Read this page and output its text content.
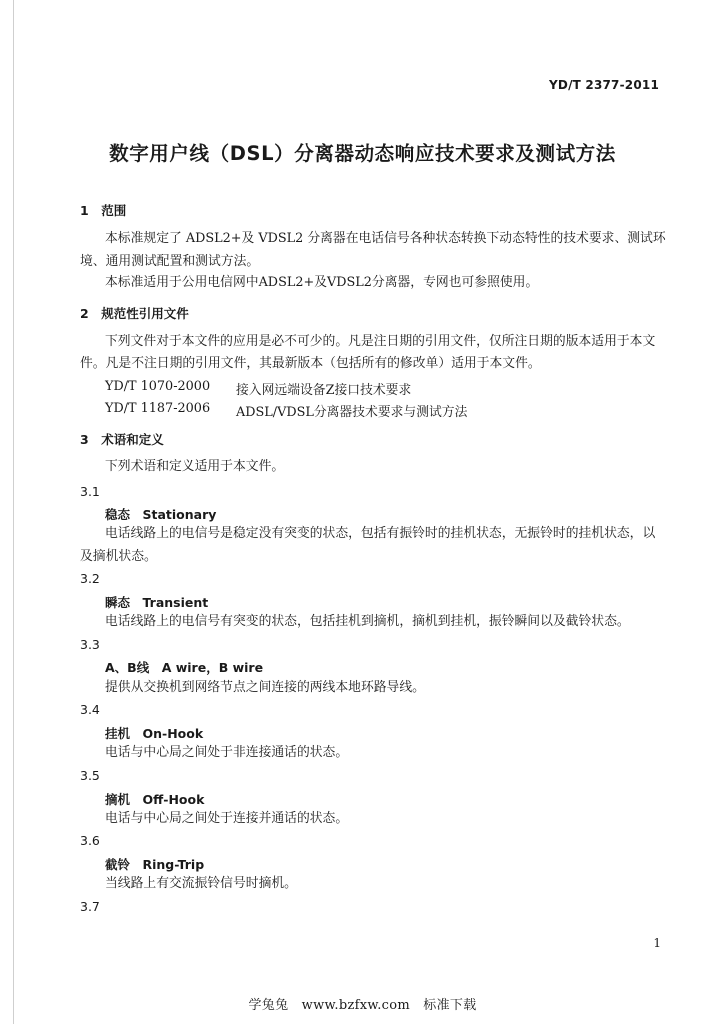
YD/T 2377-2011
数字用户线（DSL）分离器动态响应技术要求及测试方法
1　范围
本标准规定了 ADSL2+及 VDSL2 分离器在电话信号各种状态转换下动态特性的技术要求、测试环
境、通用测试配置和测试方法。
本标准适用于公用电信网中ADSL2+及VDSL2分离器，专网也可参照使用。
2　规范性引用文件
下列文件对于本文件的应用是必不可少的。凡是注日期的引用文件，仅所注日期的版本适用于本文
件。凡是不注日期的引用文件，其最新版本（包括所有的修改单）适用于本文件。
YD/T 1070-2000 接入网远端设备Z接口技术要求
YD/T 1187-2006 ADSL/VDSL分离器技术要求与测试方法
3　术语和定义
下列术语和定义适用于本文件。
3.1
稳态　Stationary
电话线路上的电信号是稳定没有突变的状态，包括有振铃时的挂机状态，无振铃时的挂机状态，以
及摘机状态。
3.2
瞬态　Transient
电话线路上的电信号有突变的状态，包括挂机到摘机，摘机到挂机，振铃瞬间以及截铃状态。
3.3
A、B线　A wire，B wire
提供从交换机到网络节点之间连接的两线本地环路导线。
3.4
挂机　On-Hook
电话与中心局之间处于非连接通话的状态。
3.5
摘机　Off-Hook
电话与中心局之间处于连接并通话的状态。
3.6
截铃　Ring-Trip
当线路上有交流振铃信号时摘机。
3.7
1
学兔兔　www.bzfxw.com　标准下载
